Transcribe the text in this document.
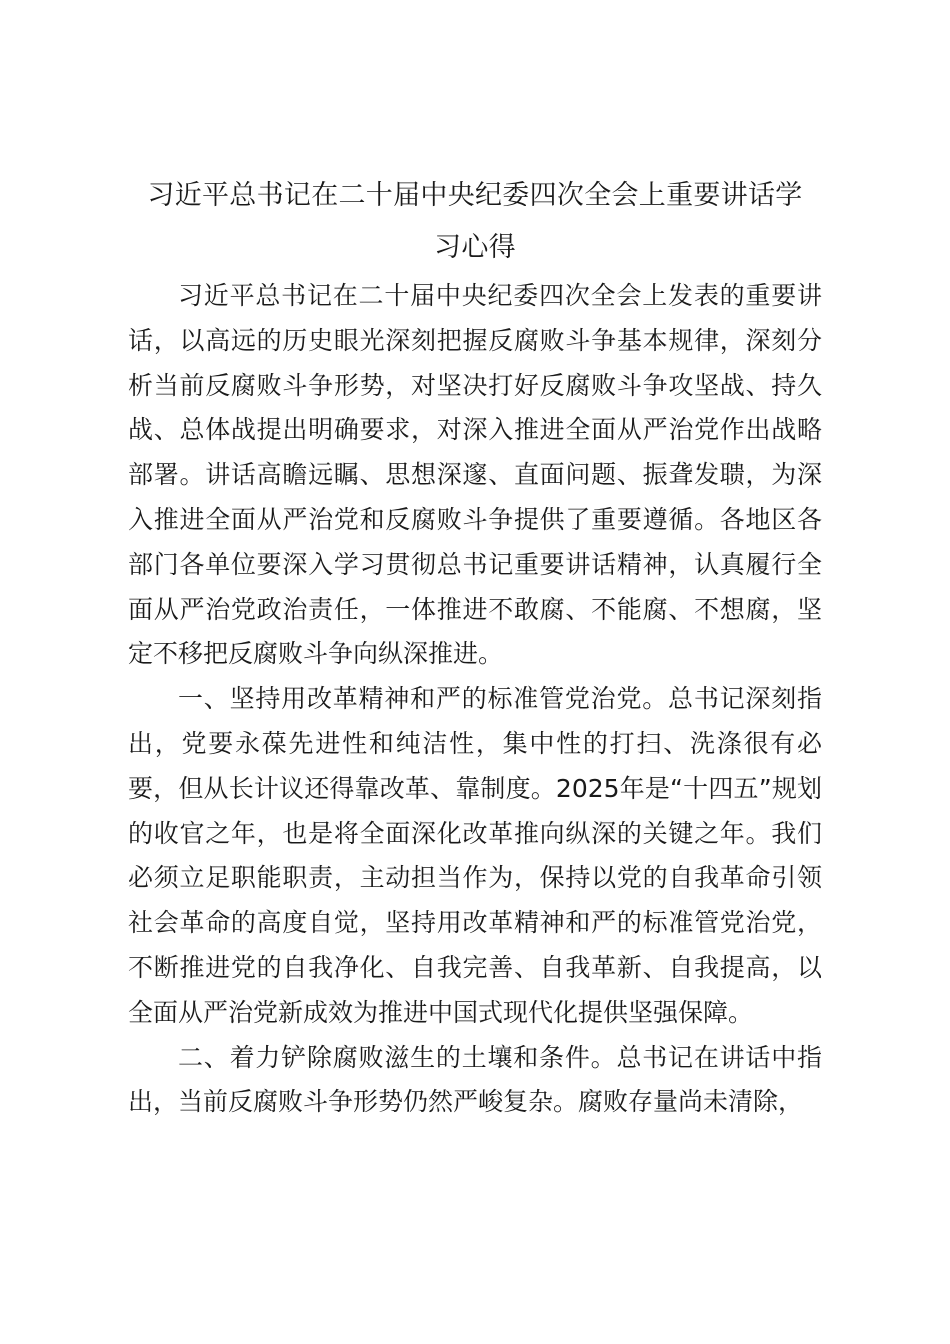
习近平总书记在二十届中央纪委四次全会上重要讲话学
习心得

习近平总书记在二十届中央纪委四次全会上发表的重要讲话，以高远的历史眼光深刻把握反腐败斗争基本规律，深刻分析当前反腐败斗争形势，对坚决打好反腐败斗争攻坚战、持久战、总体战提出明确要求，对深入推进全面从严治党作出战略部署。讲话高瞻远瞩、思想深邃、直面问题、振聋发聩，为深入推进全面从严治党和反腐败斗争提供了重要遵循。各地区各部门各单位要深入学习贯彻总书记重要讲话精神，认真履行全面从严治党政治责任，一体推进不敢腐、不能腐、不想腐，坚定不移把反腐败斗争向纵深推进。

一、坚持用改革精神和严的标准管党治党。总书记深刻指出，党要永葆先进性和纯洁性，集中性的打扫、洗涤很有必要，但从长计议还得靠改革、靠制度。2025年是“十四五”规划的收官之年，也是将全面深化改革推向纵深的关键之年。我们必须立足职能职责，主动担当作为，保持以党的自我革命引领社会革命的高度自觉，坚持用改革精神和严的标准管党治党，不断推进党的自我净化、自我完善、自我革新、自我提高，以全面从严治党新成效为推进中国式现代化提供坚强保障。

二、着力铲除腐败滋生的土壤和条件。总书记在讲话中指出，当前反腐败斗争形势仍然严峻复杂。腐败存量尚未清除，
